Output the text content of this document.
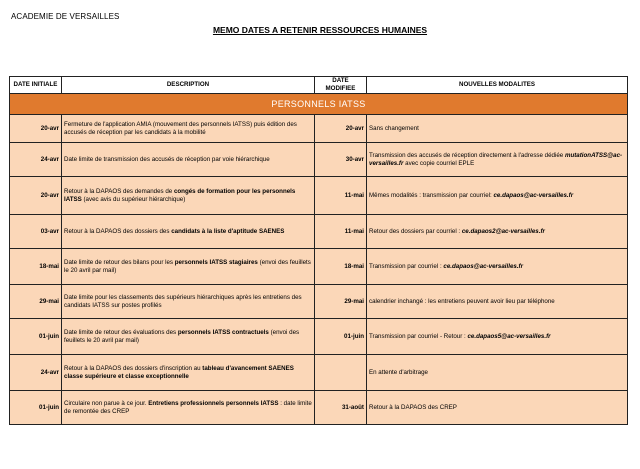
ACADEMIE DE VERSAILLES
MEMO DATES A RETENIR RESSOURCES HUMAINES
DATE INITIALE	DESCRIPTION	DATE MODIFIEE	NOUVELLES MODALITES
PERSONNELS IATSS			
20-avr	Fermeture de l'application AMIA (mouvement des personnels IATSS) puis édition des accusés de réception par les candidats à la mobilité	20-avr	Sans changement
24-avr	Date limite de transmission des accusés de réception par voie hiérarchique	30-avr	Transmission des accusés de réception directement à l'adresse dédiée mutationATSS@ac-versailles.fr avec copie courriel EPLE
20-avr	Retour à la DAPAOS des demandes de congés de formation pour les personnels IATSS (avec avis du supérieur hiérarchique)	11-mai	Mêmes modalités : transmission par courriel: ce.dapaos@ac-versailles.fr
03-avr	Retour à la DAPAOS des dossiers des candidats à la liste d'aptitude SAENES	11-mai	Retour des dossiers par courriel : ce.dapaos2@ac-versailles.fr
18-mai	Date limite de retour des bilans pour les personnels IATSS stagiaires (envoi des feuillets le 20 avril par mail)	18-mai	Transmission par courriel : ce.dapaos@ac-versailles.fr
29-mai	Date limite pour les classements des supérieurs hiérarchiques après les entretiens des candidats IATSS sur postes profilés	29-mai	calendrier inchangé : les entretiens peuvent avoir lieu par téléphone
01-juin	Date limite de retour des évaluations des personnels IATSS contractuels (envoi des feuillets le 20 avril par mail)	01-juin	Transmission par courriel - Retour : ce.dapaos5@ac-versailles.fr
24-avr	Retour à la DAPAOS des dossiers d'inscription au tableau d'avancement SAENES classe supérieure et classe exceptionnelle		En attente d'arbitrage
01-juin	Circulaire non parue à ce jour. Entretiens professionnels personnels IATSS : date limite de remontée des CREP	31-août	Retour à la DAPAOS des CREP
